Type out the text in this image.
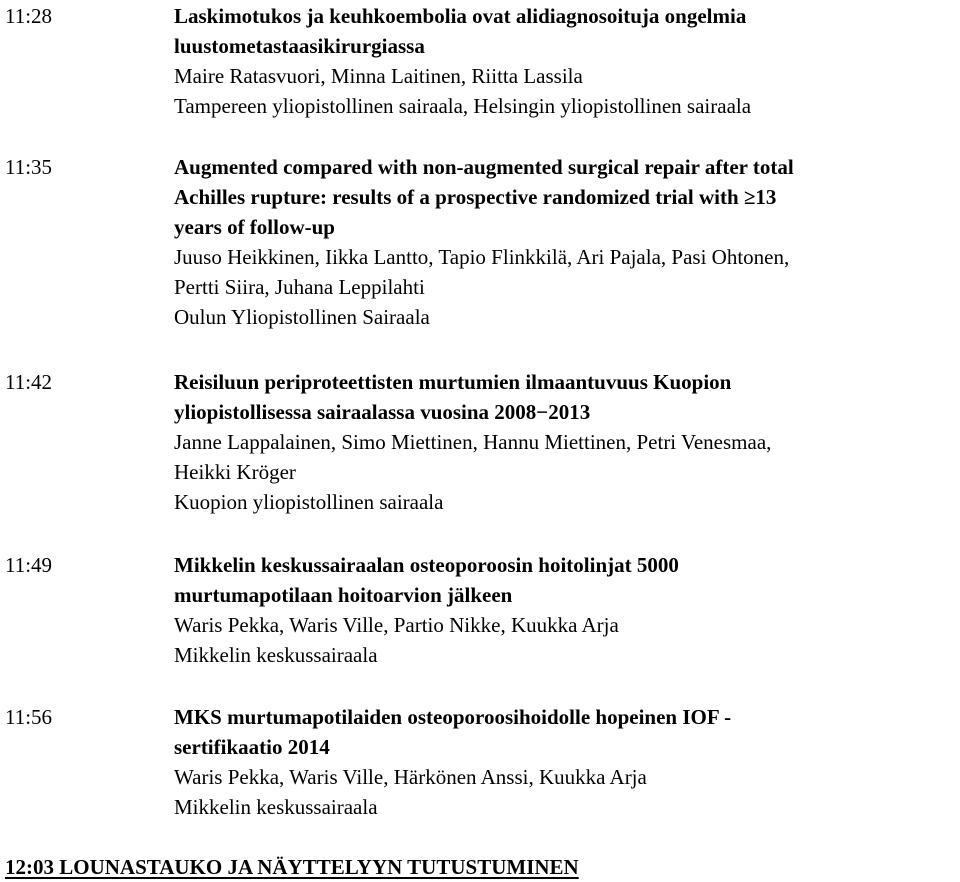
11:28	Laskimotukos ja keuhkoembolia ovat alidiagnosoituja ongelmia
luustometastaasikirurgiassa
Maire Ratasvuori, Minna Laitinen, Riitta Lassila
Tampereen yliopistollinen sairaala, Helsingin yliopistollinen sairaala
11:35	Augmented compared with non-augmented surgical repair after total
Achilles rupture: results of a prospective randomized trial with ≥13
years of follow-up
Juuso Heikkinen, Iikka Lantto, Tapio Flinkkilä, Ari Pajala, Pasi Ohtonen,
Pertti Siira, Juhana Leppilahti
Oulun Yliopistollinen Sairaala
11:42	Reisiluun periproteettisten murtumien ilmaantuvuus Kuopion
yliopistollisessa sairaalassa vuosina 2008−2013
Janne Lappalainen, Simo Miettinen, Hannu Miettinen, Petri Venesmaa,
Heikki Kröger
Kuopion yliopistollinen sairaala
11:49	Mikkelin keskussairaalan osteoporoosin hoitolinjat 5000
murtumapotilaan hoitoarvion jälkeen
Waris Pekka, Waris Ville, Partio Nikke, Kuukka Arja
Mikkelin keskussairaala
11:56	MKS murtumapotilaiden osteoporoosihoidolle hopeinen IOF -
sertifikaatio 2014
Waris Pekka, Waris Ville, Härkönen Anssi, Kuukka Arja
Mikkelin keskussairaala
12:03 LOUNASTAUKO JA NÄYTTELYYN TUTUSTUMINEN
